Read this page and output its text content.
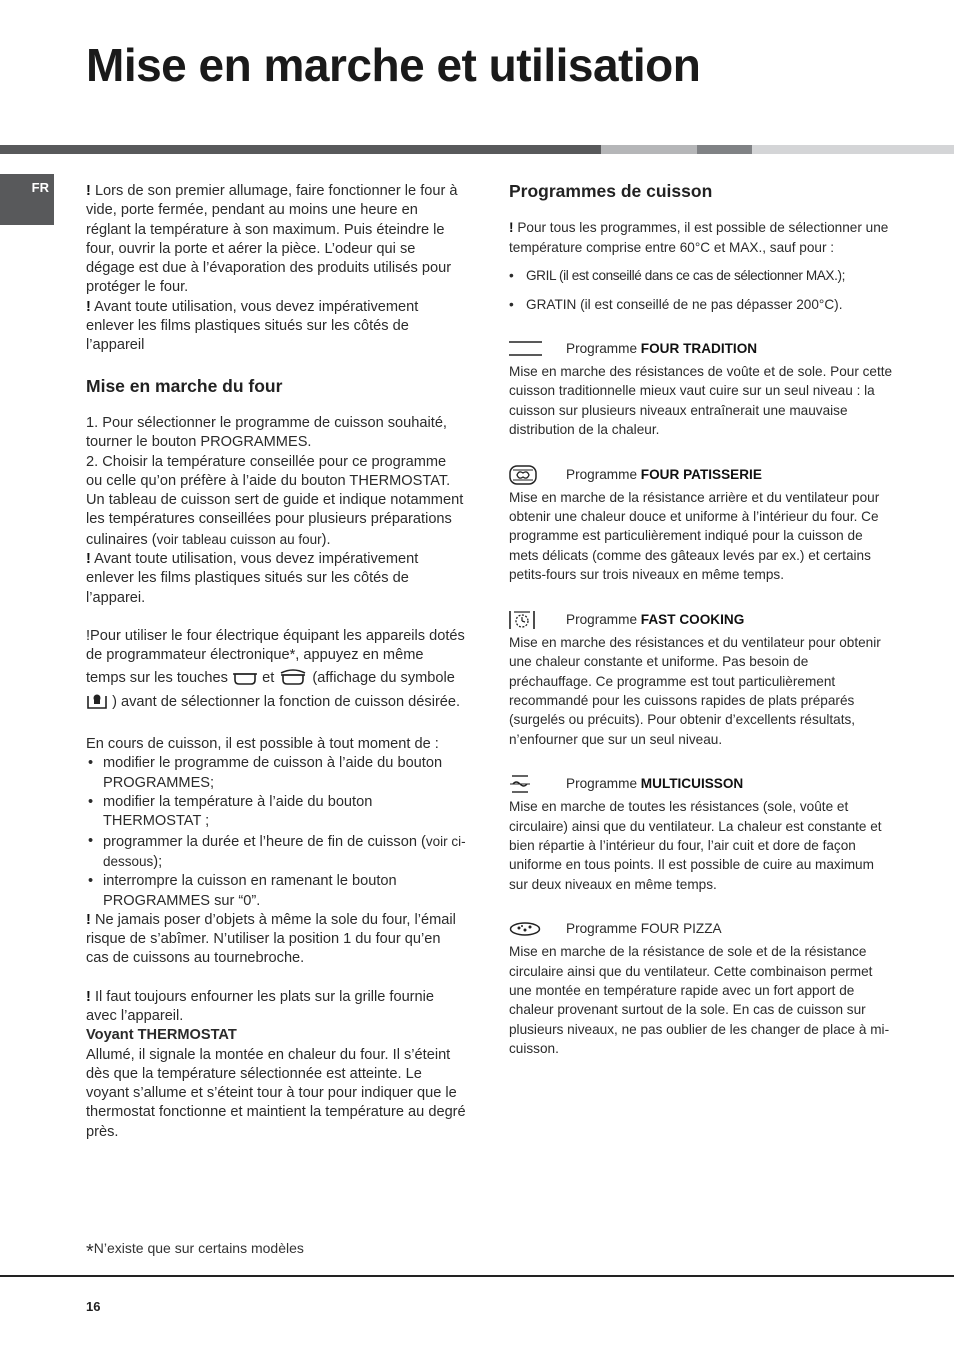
Mise en marche et utilisation
FR	! Lors de son premier allumage, faire fonctionner le four à vide, porte fermée, pendant au moins une heure en réglant la température à son maximum. Puis éteindre le four, ouvrir la porte et aérer la pièce. L’odeur qui se dégage est due à l’évaporation des produits utilisés pour protéger le four.

! Avant toute utilisation, vous devez impérativement enlever les films plastiques situés sur les côtés de l’appareil

Mise en marche du four

1. Pour sélectionner le programme de cuisson souhaité, tourner le bouton PROGRAMMES.

2. Choisir la température conseillée pour ce programme ou celle qu’on préfère à l’aide du bouton THERMOSTAT.

Un tableau de cuisson sert de guide et indique notamment les températures conseillées pour plusieurs préparations culinaires (voir tableau cuisson au four).

! Avant toute utilisation, vous devez impérativement enlever les films plastiques situés sur les côtés de l’apparei.

!Pour utiliser le four électrique équipant les appareils dotés de programmateur électronique*, appuyez en même temps sur les touches et	(affichage du symbole  ) avant de sélectionner la fonction de cuisson désirée.

En cours de cuisson, il est possible à tout moment de :

• modifier le programme de cuisson à l’aide du bouton PROGRAMMES;
• modifier la température à l’aide du bouton THERMOSTAT ;
• programmer la durée et l’heure de fin de cuisson (voir ci-dessous);
• interrompre la cuisson en ramenant le bouton PROGRAMMES sur “0”.

! Ne jamais poser d’objets à même la sole du four, l’émail risque de s’abîmer. N’utiliser la position 1 du four qu’en cas de cuissons au tournebroche.

! Il faut toujours enfourner les plats sur la grille fournie avec l’appareil.

Voyant THERMOSTAT

Allumé, il signale la montée en chaleur du four. Il s’éteint dès que la température sélectionnée est atteinte. Le voyant s’allume et s’éteint tour à tour pour indiquer que le thermostat fonctionne et maintient la température au degré près.

Programmes de cuisson

! Pour tous les programmes, il est possible de sélectionner une température comprise entre 60°C et MAX., sauf pour :

• GRIL (il est conseillé dans ce cas de sélectionner MAX.);
• GRATIN (il est conseillé de ne pas dépasser 200°C).
Programme FOUR TRADITION

Mise en marche des résistances de voûte et de sole. Pour cette cuisson traditionnelle mieux vaut cuire sur un seul niveau : la cuisson sur plusieurs niveaux entraînerait une mauvaise distribution de la chaleur.

Programme FOUR PATISSERIE

Mise en marche de la résistance arrière et du ventilateur pour obtenir une chaleur douce et uniforme à l’intérieur du four. Ce programme est particulièrement indiqué pour la cuisson de mets délicats (comme des gâteaux levés par ex.) et certains petits-fours sur trois niveaux en même temps.

Programme FAST COOKING

Mise en marche des résistances et du ventilateur pour obtenir une chaleur constante et uniforme. Pas besoin de préchauffage. Ce programme est tout particulièrement recommandé pour les cuissons rapides de plats préparés (surgelés ou précuits). Pour obtenir d’excellents résultats, n’enfourner que sur un seul niveau.

Programme MULTICUISSON

Mise en marche de toutes les résistances (sole, voûte et circulaire) ainsi que du ventilateur. La chaleur est constante et bien répartie à l’intérieur du four, l’air cuit et dore de façon uniforme en tous points. Il est possible de cuire au maximum sur deux niveaux en même temps.

Programme FOUR PIZZA

Mise en marche de la résistance de sole et de la résistance circulaire ainsi que du ventilateur. Cette combinaison permet une montée en température rapide avec un fort apport de chaleur provenant surtout de la sole. En cas de cuisson sur plusieurs niveaux, ne pas oublier de les changer de place à mi-cuisson.

*N’existe que sur certains modèles
16
